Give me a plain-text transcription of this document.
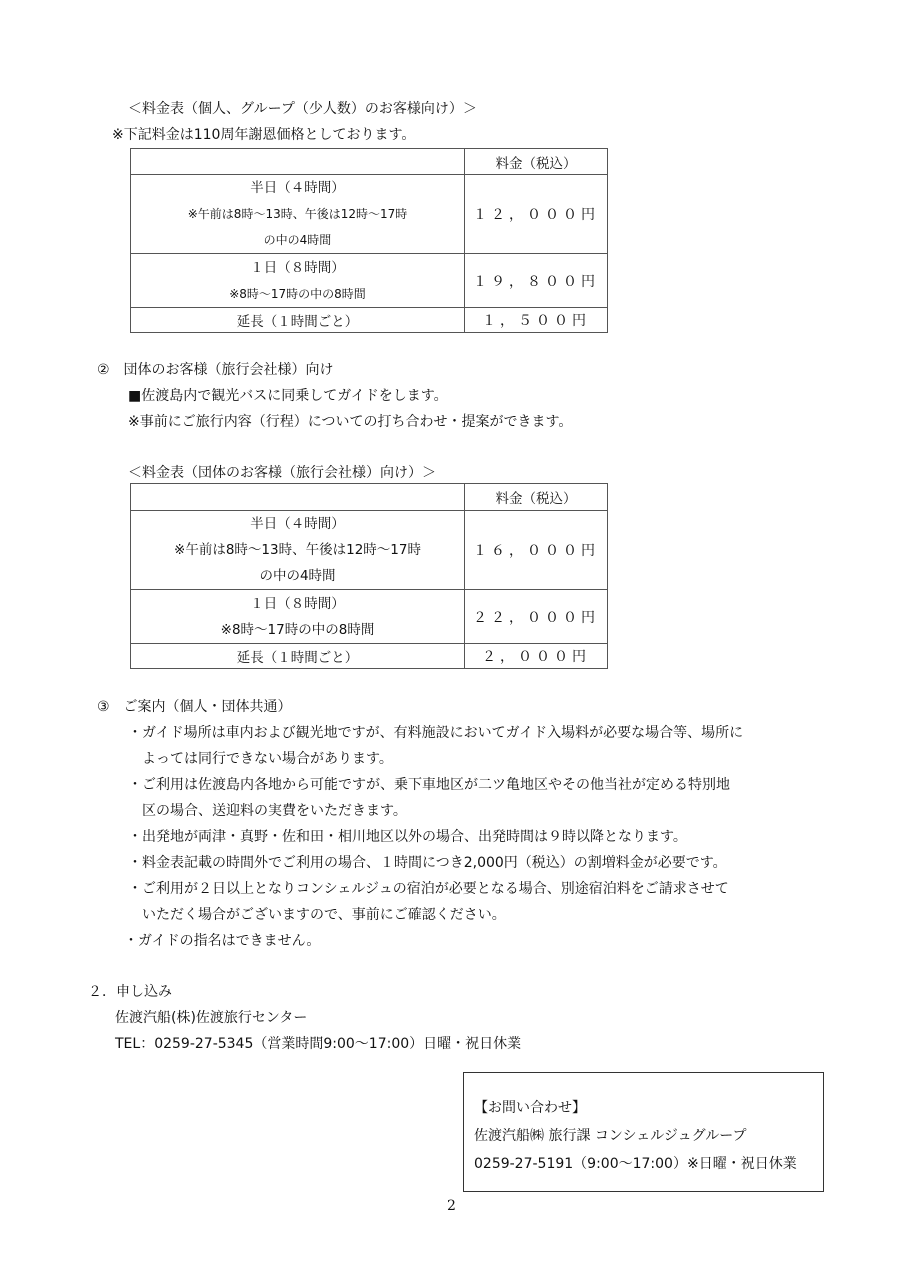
＜料金表（個人、グループ（少人数）のお客様向け）＞
※下記料金は110周年謝恩価格としております。
	料金（税込）

半日（４時間）
※午前は8時～13時、午後は12時～17時
の中の4時間	１２，０００円

１日（８時間）
※8時～17時の中の8時間	１９，８００円
延長（１時間ごと）	１，５００円
②　団体のお客様（旅行会社様）向け
■佐渡島内で観光バスに同乗してガイドをします。
※事前にご旅行内容（行程）についての打ち合わせ・提案ができます。
＜料金表（団体のお客様（旅行会社様）向け）＞
	料金（税込）

半日（４時間）
※午前は8時～13時、午後は12時～17時
の中の4時間	１６，０００円

１日（８時間）
※8時～17時の中の8時間	２２，０００円
延長（１時間ごと）	２，０００円
③　ご案内（個人・団体共通）
・ガイド場所は車内および観光地ですが、有料施設においてガイド入場料が必要な場合等、場所に
　よっては同行できない場合があります。
・ご利用は佐渡島内各地から可能ですが、乗下車地区が二ツ亀地区やその他当社が定める特別地
　区の場合、送迎料の実費をいただきます。
・出発地が両津・真野・佐和田・相川地区以外の場合、出発時間は９時以降となります。
・料金表記載の時間外でご利用の場合、１時間につき2,000円（税込）の割増料金が必要です。
・ご利用が２日以上となりコンシェルジュの宿泊が必要となる場合、別途宿泊料をご請求させて
　いただく場合がございますので、事前にご確認ください。
・ガイドの指名はできません。
２．申し込み
佐渡汽船(株)佐渡旅行センター
TEL：0259-27-5345（営業時間9:00～17:00）日曜・祝日休業
【お問い合わせ】
佐渡汽船㈱ 旅行課 コンシェルジュグループ
0259-27-5191（9:00～17:00）※日曜・祝日休業
2
